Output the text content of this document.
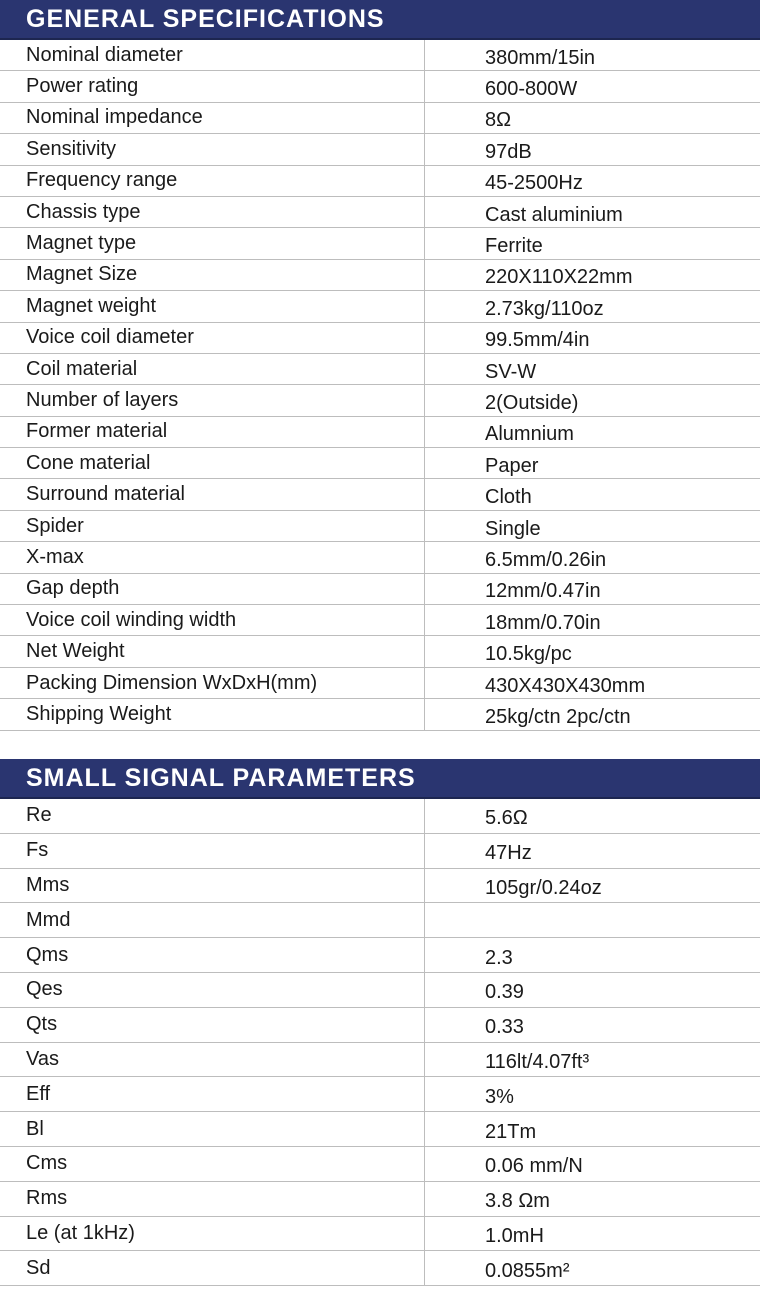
GENERAL SPECIFICATIONS
Nominal diameter	380mm/15in
Power rating	600-800W
Nominal impedance	8Ω
Sensitivity	97dB
Frequency range	45-2500Hz
Chassis type	Cast aluminium
Magnet type	Ferrite
Magnet Size	220X110X22mm
Magnet weight	2.73kg/110oz
Voice coil diameter	99.5mm/4in
Coil material	SV-W
Number of layers	2(Outside)
Former material	Alumnium
Cone material	Paper
Surround material	Cloth
Spider	Single
X-max	6.5mm/0.26in
Gap depth	12mm/0.47in
Voice coil winding width	18mm/0.70in
Net Weight	10.5kg/pc
Packing Dimension WxDxH(mm)	430X430X430mm
Shipping Weight	25kg/ctn 2pc/ctn
SMALL SIGNAL PARAMETERS
Re	5.6Ω
Fs	47Hz
Mms	105gr/0.24oz
Mmd
Qms	2.3
Qes	0.39
Qts	0.33
Vas	116lt/4.07ft³
Eff	3%
Bl	21Tm
Cms	0.06 mm/N
Rms	3.8 Ωm
Le (at 1kHz)	1.0mH
Sd	0.0855m²
